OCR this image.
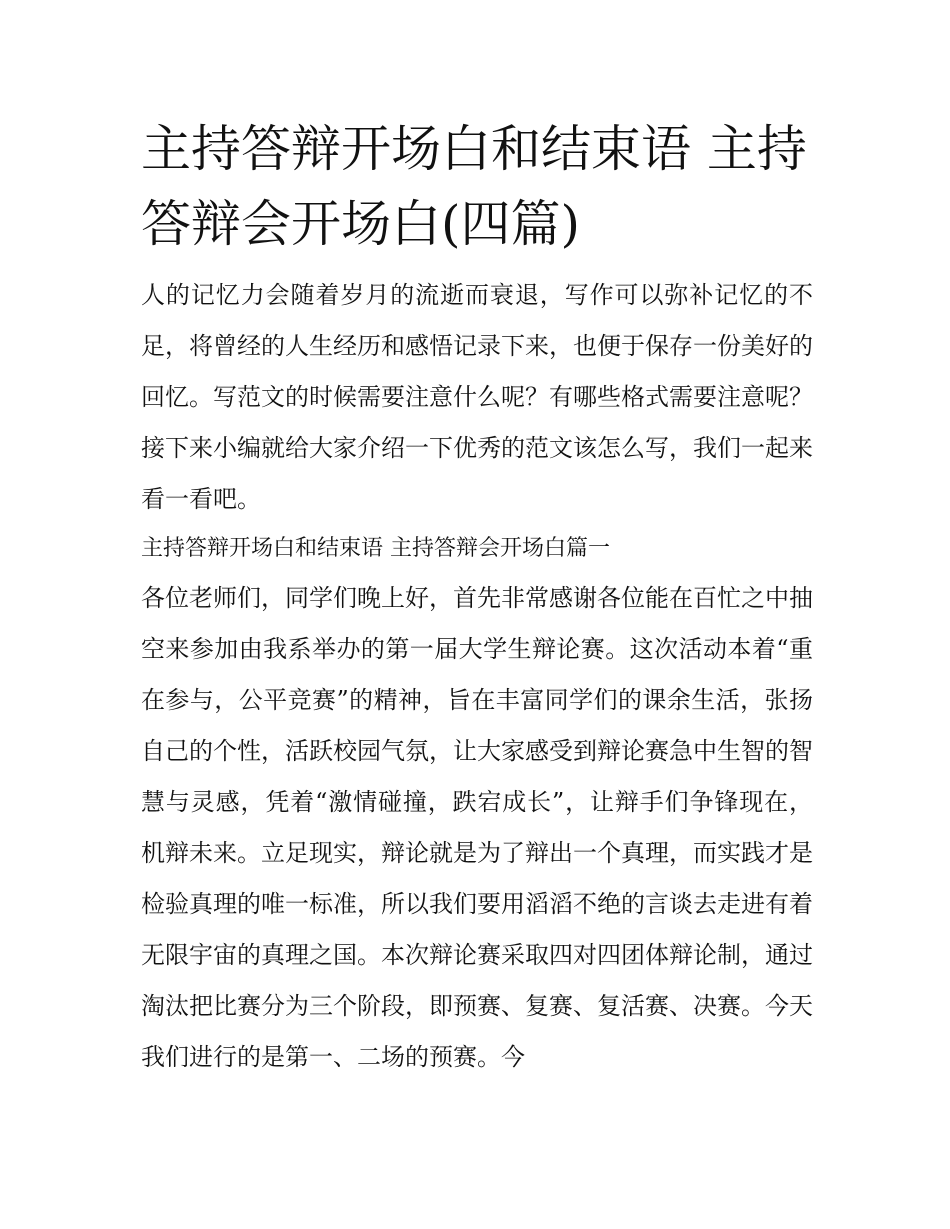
主持答辩开场白和结束语 主持答辩会开场白(四篇)

人的记忆力会随着岁月的流逝而衰退，写作可以弥补记忆的不足，将曾经的人生经历和感悟记录下来，也便于保存一份美好的回忆。写范文的时候需要注意什么呢？有哪些格式需要注意呢？接下来小编就给大家介绍一下优秀的范文该怎么写，我们一起来看一看吧。

主持答辩开场白和结束语 主持答辩会开场白篇一

各位老师们，同学们晚上好，首先非常感谢各位能在百忙之中抽空来参加由我系举办的第一届大学生辩论赛。这次活动本着“重在参与，公平竞赛”的精神，旨在丰富同学们的课余生活，张扬自己的个性，活跃校园气氛，让大家感受到辩论赛急中生智的智慧与灵感，凭着“激情碰撞，跌宕成长”，让辩手们争锋现在，机辩未来。立足现实，辩论就是为了辩出一个真理，而实践才是检验真理的唯一标准，所以我们要用滔滔不绝的言谈去走进有着无限宇宙的真理之国。本次辩论赛采取四对四团体辩论制，通过淘汰把比赛分为三个阶段，即预赛、复赛、复活赛、决赛。今天我们进行的是第一、二场的预赛。今
